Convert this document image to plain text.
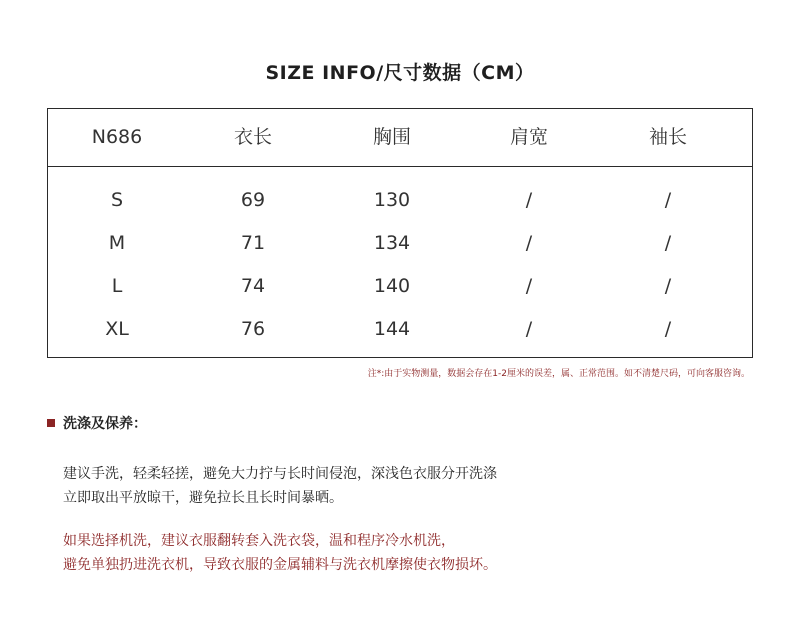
SIZE INFO/尺寸数据（CM）
N686	衣长	胸围	肩宽	袖长
S	69	130	/	/
M	71	134	/	/
L	74	140	/	/
XL	76	144	/	/
注*:由于实物测量，数据会存在1-2厘米的误差，属、正常范围。如不清楚尺码，可向客服咨询。
洗涤及保养：
建议手洗，轻柔轻搓，避免大力拧与长时间侵泡，深浅色衣服分开洗涤
立即取出平放晾干，避免拉长且长时间暴晒。
如果选择机洗，建议衣服翻转套入洗衣袋，温和程序冷水机洗，
避免单独扔进洗衣机，导致衣服的金属辅料与洗衣机摩擦使衣物损坏。
